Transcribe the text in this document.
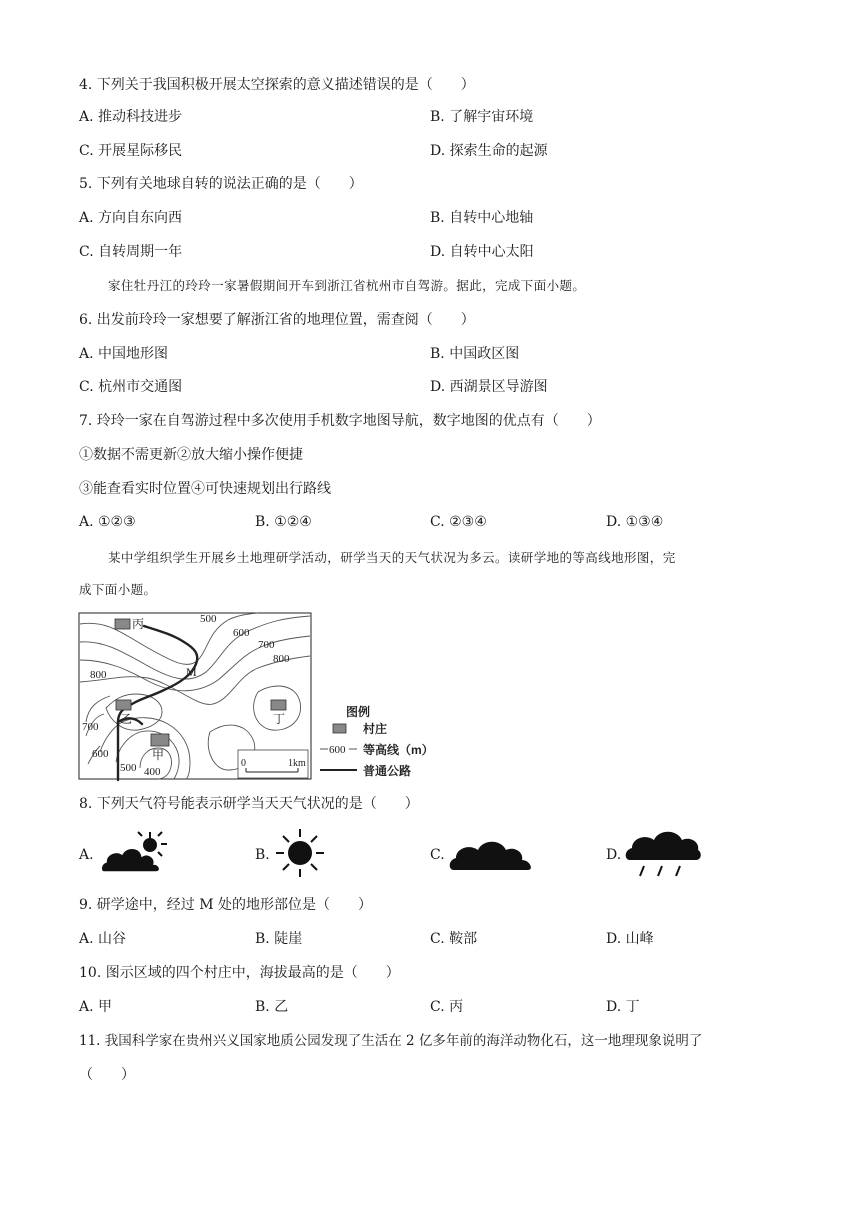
4. 下列关于我国积极开展太空探索的意义描述错误的是（　　）
A. 推动科技进步	B. 了解宇宙环境
C. 开展星际移民	D. 探索生命的起源
5. 下列有关地球自转的说法正确的是（　　）
A. 方向自东向西	B. 自转中心地轴
C. 自转周期一年	D. 自转中心太阳
家住牡丹江的玲玲一家暑假期间开车到浙江省杭州市自驾游。据此，完成下面小题。
6. 出发前玲玲一家想要了解浙江省的地理位置，需查阅（　　）
A. 中国地形图	B. 中国政区图
C. 杭州市交通图	D. 西湖景区导游图
7. 玲玲一家在自驾游过程中多次使用手机数字地图导航，数字地图的优点有（　　）
①数据不需更新②放大缩小操作便捷
③能查看实时位置④可快速规划出行路线
A. ①②③	B. ①②④	C. ②③④	D. ①③④
某中学组织学生开展乡土地理研学活动，研学当天的天气状况为多云。读研学地的等高线地形图，完
成下面小题。
500
600
700
800
800
700
600
500 400
M
丙
乙
甲
丁
0	1km
图例
村庄
600 等高线（m）
普通公路
8. 下列天气符号能表示研学当天天气状况的是（　　）
A.	B.	C.	D.
9. 研学途中，经过 M 处的地形部位是（　　）
A. 山谷	B. 陡崖	C. 鞍部	D. 山峰
10. 图示区域的四个村庄中，海拔最高的是（　　）
A. 甲	B. 乙	C. 丙	D. 丁
11. 我国科学家在贵州兴义国家地质公园发现了生活在 2 亿多年前的海洋动物化石，这一地理现象说明了
（　　）
